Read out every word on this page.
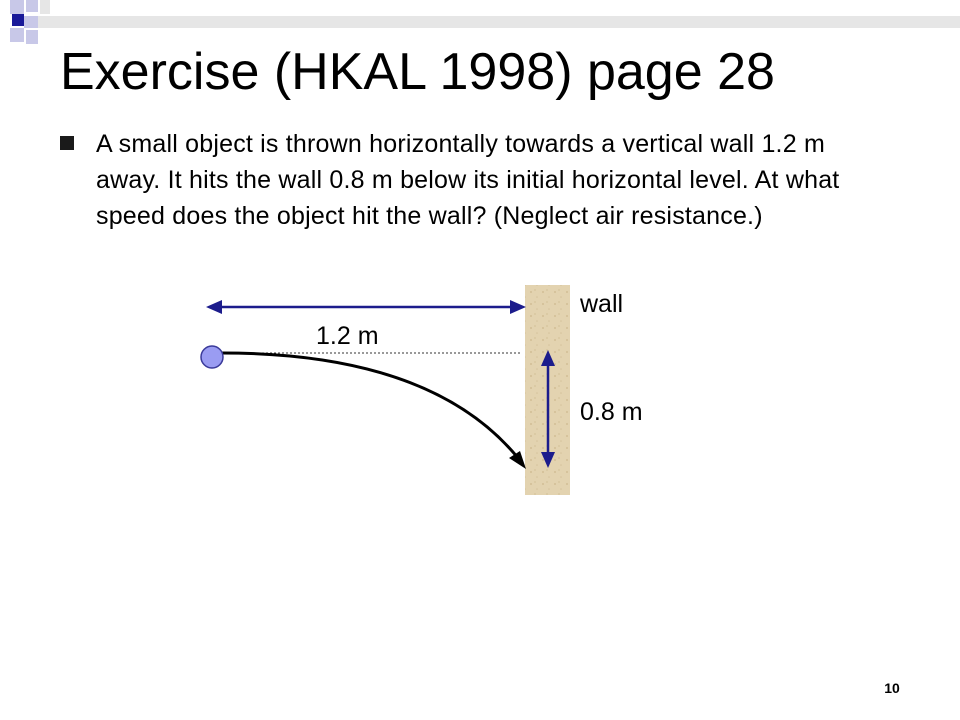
Exercise (HKAL 1998) page 28
A small object is thrown horizontally towards a vertical wall 1.2 m away. It hits the wall 0.8 m below its initial horizontal level. At what speed does the object hit the wall? (Neglect air resistance.)
wall
1.2 m
0.8 m
10
